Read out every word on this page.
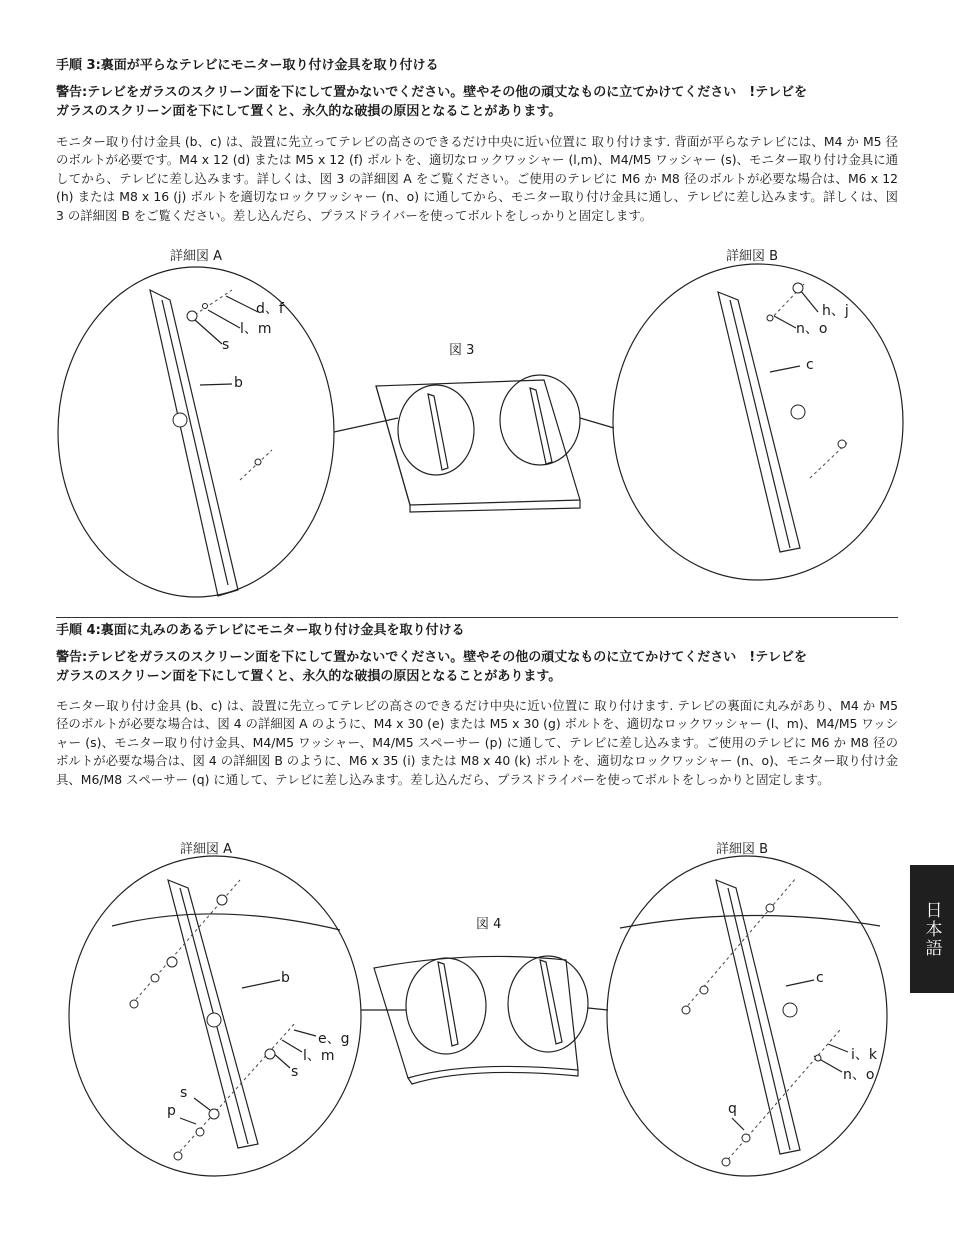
手順 3:裏面が平らなテレビにモニター取り付け金具を取り付ける
警告:テレビをガラスのスクリーン面を下にして置かないでください。壁やその他の頑丈なものに立てかけてください　!テレビを
ガラスのスクリーン面を下にして置くと、永久的な破損の原因となることがあります。
モニター取り付け金具 (b、c) は、設置に先立ってテレビの高さのできるだけ中央に近い位置に 取り付けます. 背面が平らなテレビには、M4 か M5 径のボルトが必要です。M4 x 12 (d) または M5 x 12 (f) ボルトを、適切なロックワッシャー (l,m)、M4/M5 ワッシャー (s)、モニター取り付け金具に通してから、テレビに差し込みます。詳しくは、図 3 の詳細図 A をご覧ください。ご使用のテレビに M6 か M8 径のボルトが必要な場合は、M6 x 12 (h) または M8 x 16 (j) ボルトを適切なロックワッシャー (n、o) に通してから、モニター取り付け金具に通し、テレビに差し込みます。詳しくは、図 3 の詳細図 B をご覧ください。差し込んだら、プラスドライバーを使ってボルトをしっかりと固定します。
詳細図 A	詳細図 B
図 3
d、f
l、m
s
b
h、j
n、o
c
手順 4:裏面に丸みのあるテレビにモニター取り付け金具を取り付ける
警告:テレビをガラスのスクリーン面を下にして置かないでください。壁やその他の頑丈なものに立てかけてください　!テレビを
ガラスのスクリーン面を下にして置くと、永久的な破損の原因となることがあります。
モニター取り付け金具 (b、c) は、設置に先立ってテレビの高さのできるだけ中央に近い位置に 取り付けます. テレビの裏面に丸みがあり、M4 か M5 径のボルトが必要な場合は、図 4 の詳細図 A のように、M4 x 30 (e) または M5 x 30 (g) ボルトを、適切なロックワッシャー (l、m)、M4/M5 ワッシャー (s)、モニター取り付け金具、M4/M5 ワッシャー、M4/M5 スペーサー (p) に通して、テレビに差し込みます。ご使用のテレビに M6 か M8 径のボルトが必要な場合は、図 4 の詳細図 B のように、M6 x 35 (i) または M8 x 40 (k) ボルトを、適切なロックワッシャー (n、o)、モニター取り付け金具、M6/M8 スペーサー (q) に通して、テレビに差し込みます。差し込んだら、プラスドライバーを使ってボルトをしっかりと固定します。
詳細図 A	詳細図 B
図 4
b
e、g
l、m
s
s
p
c
i、k
n、o
q
日本語
